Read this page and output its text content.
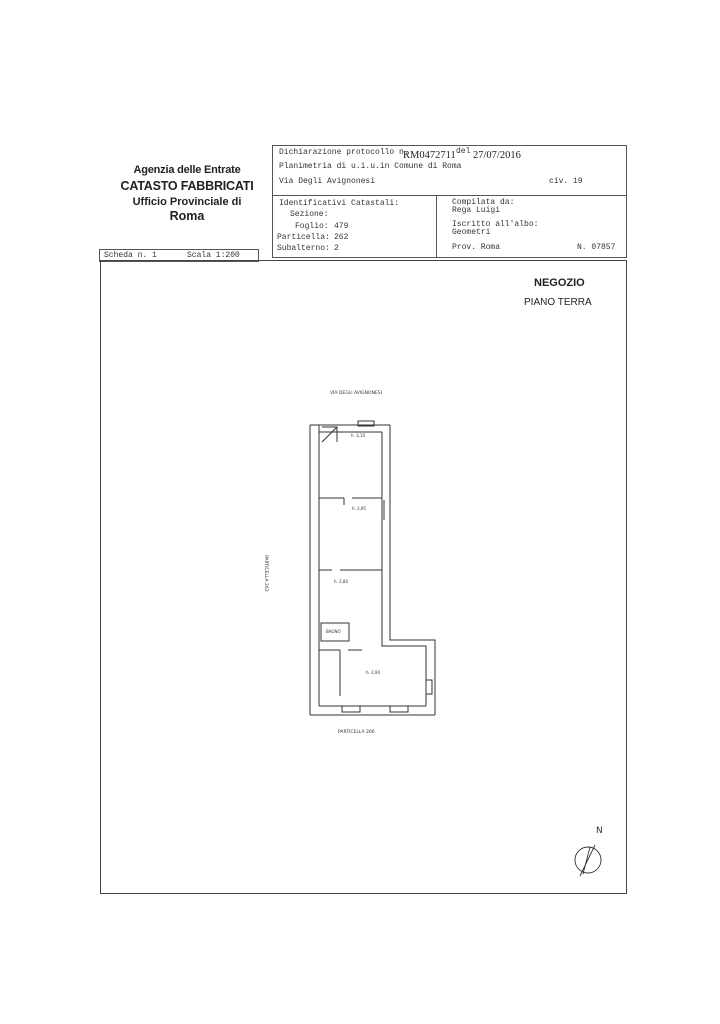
Agenzia delle Entrate
CATASTO FABBRICATI
Ufficio Provinciale di
Roma
Dichiarazione protocollo n.
RM0472711 del 27/07/2016
Planimetria di u.i.u.in Comune di Roma
Via Degli Avignonesi	civ. 19
Identificativi Catastali:
Sezione:
Foglio: 479
Particella: 262
Subalterno: 2
Compilata da:
Rega Luigi
Iscritto all'albo:
Geometri
Prov. Roma	N. 07857
Scheda n. 1	Scala 1:200
NEGOZIO
PIANO TERRA
VIA DEGLI AVIGNONESI
PARTICELLA 263
PARTICELLA 266
h. 3,10
h. 2,95
h. 2,80
BAGNO
h. 2,90
N
